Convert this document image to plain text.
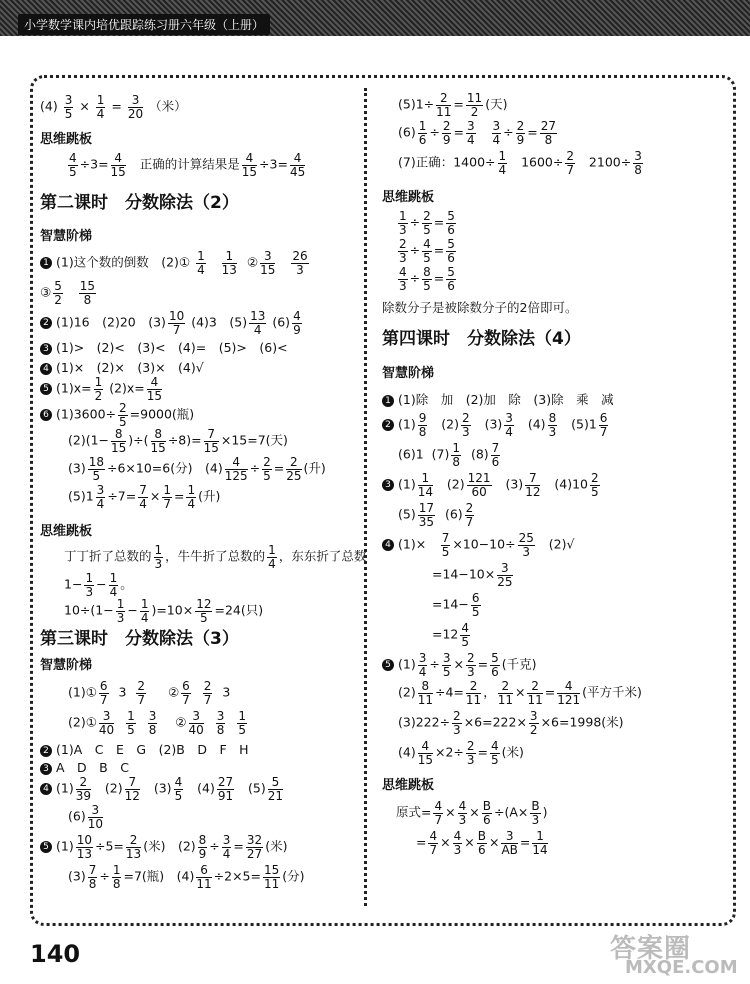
小学数学课内培优跟踪练习册六年级（上册）
$(4) \frac{3}{5} \times \frac{1}{4} = \frac{3}{20}$ （米）
思维跳板
$\frac{4}{5} \div 3= \frac{4}{15}$ 正确的计算结果是 $\frac{4}{15} \div 3= \frac{4}{45}$
第二课时　分数除法（2）
智慧阶梯
1 (1)这个数的倒数　(2)① $\frac{1}{4}$
$\frac{1}{13}$ ② $\frac{3}{15}$
$\frac{26}{3}$
③ $\frac{5}{2}$
$\frac{15}{8}$
2 (1)16　(2)20　$(3) \frac{10}{7} (4)3$　$(5) \frac{13}{4} (6) \frac{4}{9}$
3 (1)>　(2)<　(3)<　(4)=　(5)>　(6)<
4 (1)×　(2)×　(3)×　(4)√
5 $(1)x= \frac{1}{2} (2)x= \frac{4}{15}$
6 $(1)3600\div \frac{2}{5} =9000$(瓶)
$(2)(1- \frac{8}{15}$ )÷( $\frac{8}{15} \div 8)= \frac{7}{15} \times 15=7$(天)
$(3) \frac{18}{5} \div 6\times 10=6$(分)　$(4) \frac{4}{125} \div \frac{2}{5} = \frac{2}{25}$ (升)
$(5)1 \frac{3}{4} \div 7= \frac{7}{4} \times \frac{1}{7} = \frac{1}{4}$ (升)
思维跳板
丁丁折了总数的 $\frac{1}{3}$ ，牛牛折了总数的 $\frac{1}{4}$ ，东东折了总数
$1- \frac{1}{3} - \frac{1}{4}$ 。
$10\div(1- \frac{1}{3} - \frac{1}{4} )=10\times \frac{12}{5} =24$(只)
第三课时　分数除法（3）
智慧阶梯
(1)① $\frac{6}{7} 3 \frac{2}{7}$ ② $\frac{6}{7}$
$\frac{2}{7} 3$
(2)① $\frac{3}{40}$
$\frac{1}{5}$
$\frac{3}{8}$ ② $\frac{3}{40}$
$\frac{3}{8}$
$\frac{1}{5}$
2 (1)A　C　E　G　(2)B　D　F　H
3 A　D　B　C
4 $(1) \frac{2}{39} (2) \frac{7}{12} (3) \frac{4}{5} (4) \frac{27}{91} (5) \frac{5}{21}$
$(6) \frac{3}{10}$
5 $(1) \frac{10}{13} \div 5= \frac{2}{13}$ (米)　$(2) \frac{8}{9} \div \frac{3}{4} = \frac{32}{27}$ (米)
$(3) \frac{7}{8} \div \frac{1}{8} =7$(瓶)　$(4) \frac{6}{11} \div 2\times 5= \frac{15}{11}$ (分)
$(5)1\div \frac{2}{11} = \frac{11}{2}$ (天)
$(6) \frac{1}{6} \div \frac{2}{9} = \frac{3}{4}$
$\frac{3}{4} \div \frac{2}{9} = \frac{27}{8}$
(7)正确：$1400\div \frac{1}{4} 1600\div \frac{2}{7} 2100\div \frac{3}{8}$
思维跳板
$\frac{1}{3} \div \frac{2}{5} = \frac{5}{6}$
$\frac{2}{3} \div \frac{4}{5} = \frac{5}{6}$
$\frac{4}{3} \div \frac{8}{5} = \frac{5}{6}$
除数分子是被除数分子的2倍即可。
第四课时　分数除法（4）
智慧阶梯
1 (1)除　加　(2)加　除　(3)除　乘　减
2 $(1) \frac{9}{8} (2) \frac{2}{3} (3) \frac{3}{4} (4) \frac{8}{3} (5)1 \frac{6}{7}$
(6)1 $(7) \frac{1}{8} (8) \frac{7}{6}$
3 $(1) \frac{1}{14} (2) \frac{121}{60} (3) \frac{7}{12} (4)10 \frac{2}{5}$
$(5) \frac{17}{35} (6) \frac{2}{7}$
4 (1)×　 $\frac{7}{5} \times 10-10\div \frac{25}{3} (2)√$
$=14-10\times \frac{3}{25}$
$=14- \frac{6}{5}$
$=12 \frac{4}{5}$
5 $(1) \frac{3}{4} \div \frac{3}{5} \times \frac{2}{3} = \frac{5}{6}$ (千克)
$(2) \frac{8}{11} \div 4= \frac{2}{11}$ ， $\frac{2}{11} \times \frac{2}{11} = \frac{4}{121}$ (平方千米)
$(3)222\div \frac{2}{3} \times 6=222\times \frac{3}{2} \times 6=1998$(米)
$(4) \frac{4}{15} \times 2\div \frac{2}{3} = \frac{4}{5}$ (米)
思维跳板
原式= $\frac{4}{7} \times \frac{4}{3} \times \frac{B}{6} \div(A\times \frac{B}{3}$ )
= $\frac{4}{7} \times \frac{4}{3} \times \frac{B}{6} \times \frac{3}{AB} = \frac{1}{14}$
140	答案圈
MXQE.COM
